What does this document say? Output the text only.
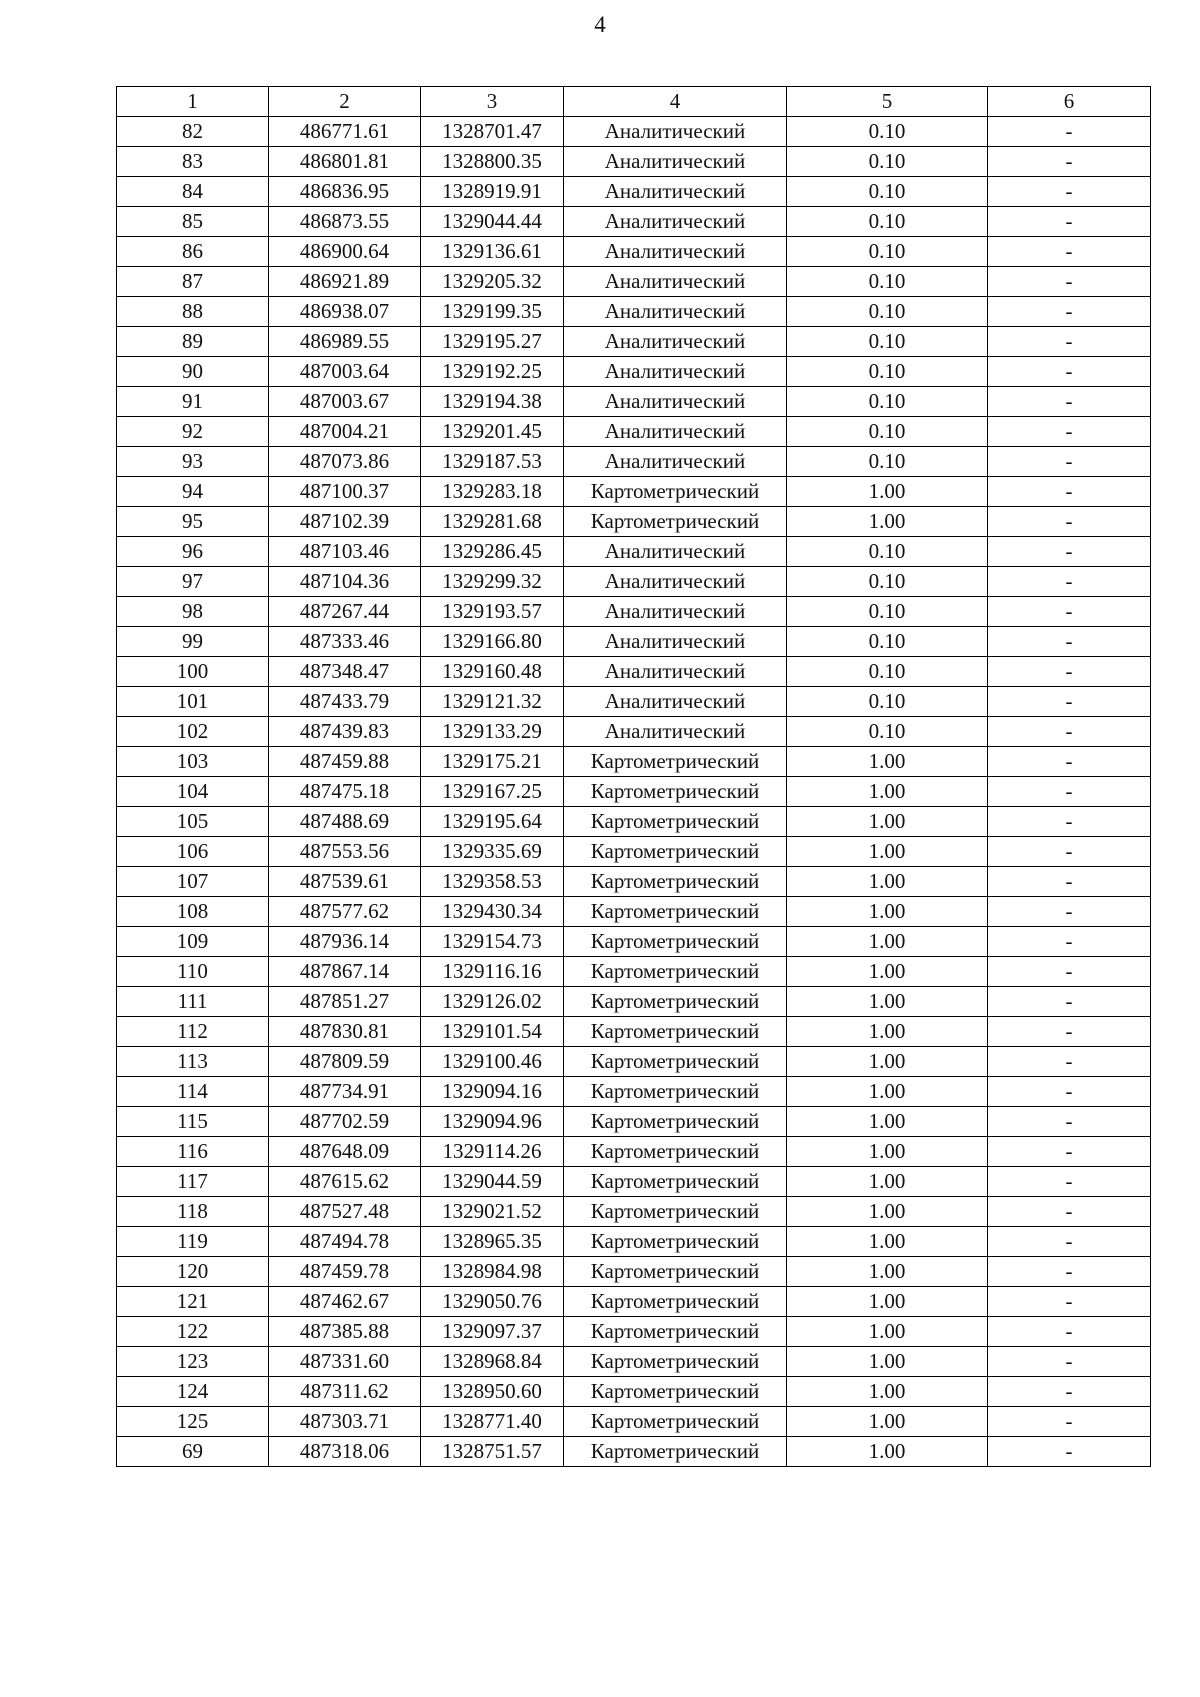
4
1	2	3	4	5	6
82	486771.61	1328701.47	Аналитический	0.10	-
83	486801.81	1328800.35	Аналитический	0.10	-
84	486836.95	1328919.91	Аналитический	0.10	-
85	486873.55	1329044.44	Аналитический	0.10	-
86	486900.64	1329136.61	Аналитический	0.10	-
87	486921.89	1329205.32	Аналитический	0.10	-
88	486938.07	1329199.35	Аналитический	0.10	-
89	486989.55	1329195.27	Аналитический	0.10	-
90	487003.64	1329192.25	Аналитический	0.10	-
91	487003.67	1329194.38	Аналитический	0.10	-
92	487004.21	1329201.45	Аналитический	0.10	-
93	487073.86	1329187.53	Аналитический	0.10	-
94	487100.37	1329283.18	Картометрический	1.00	-
95	487102.39	1329281.68	Картометрический	1.00	-
96	487103.46	1329286.45	Аналитический	0.10	-
97	487104.36	1329299.32	Аналитический	0.10	-
98	487267.44	1329193.57	Аналитический	0.10	-
99	487333.46	1329166.80	Аналитический	0.10	-
100	487348.47	1329160.48	Аналитический	0.10	-
101	487433.79	1329121.32	Аналитический	0.10	-
102	487439.83	1329133.29	Аналитический	0.10	-
103	487459.88	1329175.21	Картометрический	1.00	-
104	487475.18	1329167.25	Картометрический	1.00	-
105	487488.69	1329195.64	Картометрический	1.00	-
106	487553.56	1329335.69	Картометрический	1.00	-
107	487539.61	1329358.53	Картометрический	1.00	-
108	487577.62	1329430.34	Картометрический	1.00	-
109	487936.14	1329154.73	Картометрический	1.00	-
110	487867.14	1329116.16	Картометрический	1.00	-
111	487851.27	1329126.02	Картометрический	1.00	-
112	487830.81	1329101.54	Картометрический	1.00	-
113	487809.59	1329100.46	Картометрический	1.00	-
114	487734.91	1329094.16	Картометрический	1.00	-
115	487702.59	1329094.96	Картометрический	1.00	-
116	487648.09	1329114.26	Картометрический	1.00	-
117	487615.62	1329044.59	Картометрический	1.00	-
118	487527.48	1329021.52	Картометрический	1.00	-
119	487494.78	1328965.35	Картометрический	1.00	-
120	487459.78	1328984.98	Картометрический	1.00	-
121	487462.67	1329050.76	Картометрический	1.00	-
122	487385.88	1329097.37	Картометрический	1.00	-
123	487331.60	1328968.84	Картометрический	1.00	-
124	487311.62	1328950.60	Картометрический	1.00	-
125	487303.71	1328771.40	Картометрический	1.00	-
69	487318.06	1328751.57	Картометрический	1.00	-
